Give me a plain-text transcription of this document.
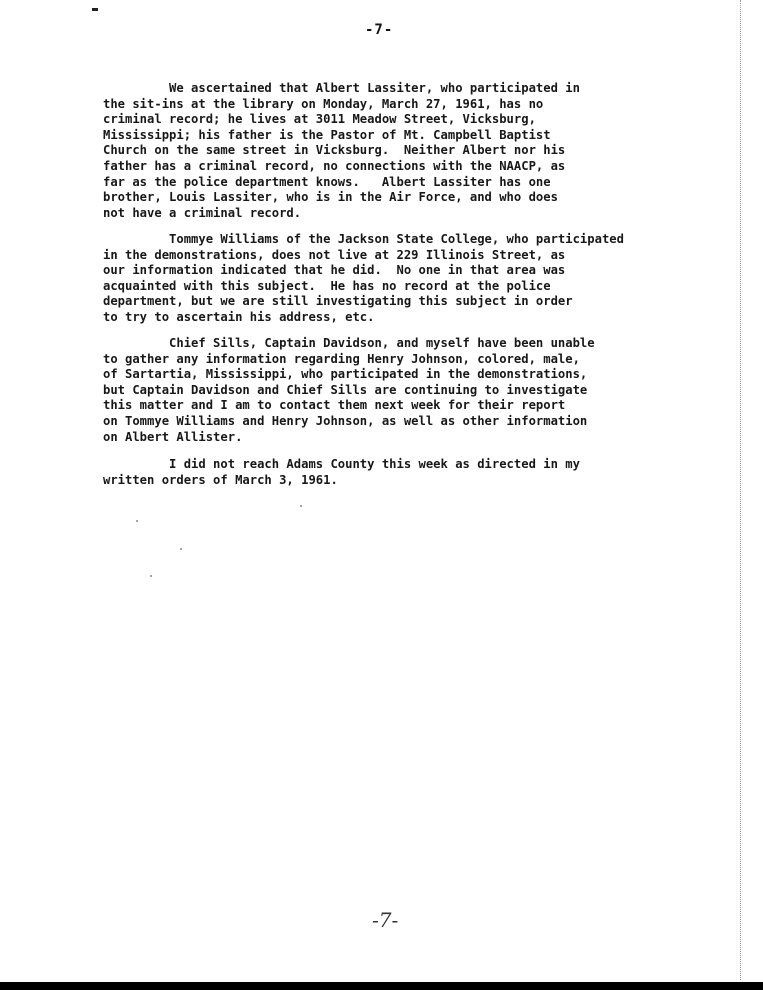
-7-
We ascertained that Albert Lassiter, who participated in
the sit-ins at the library on Monday, March 27, 1961, has no
criminal record; he lives at 3011 Meadow Street, Vicksburg,
Mississippi; his father is the Pastor of Mt. Campbell Baptist
Church on the same street in Vicksburg.  Neither Albert nor his
father has a criminal record, no connections with the NAACP, as
far as the police department knows.   Albert Lassiter has one
brother, Louis Lassiter, who is in the Air Force, and who does
not have a criminal record.
Tommye Williams of the Jackson State College, who participated
in the demonstrations, does not live at 229 Illinois Street, as
our information indicated that he did.  No one in that area was
acquainted with this subject.  He has no record at the police
department, but we are still investigating this subject in order
to try to ascertain his address, etc.
Chief Sills, Captain Davidson, and myself have been unable
to gather any information regarding Henry Johnson, colored, male,
of Sartartia, Mississippi, who participated in the demonstrations,
but Captain Davidson and Chief Sills are continuing to investigate
this matter and I am to contact them next week for their report
on Tommye Williams and Henry Johnson, as well as other information
on Albert Allister.
I did not reach Adams County this week as directed in my
written orders of March 3, 1961.
-7-
